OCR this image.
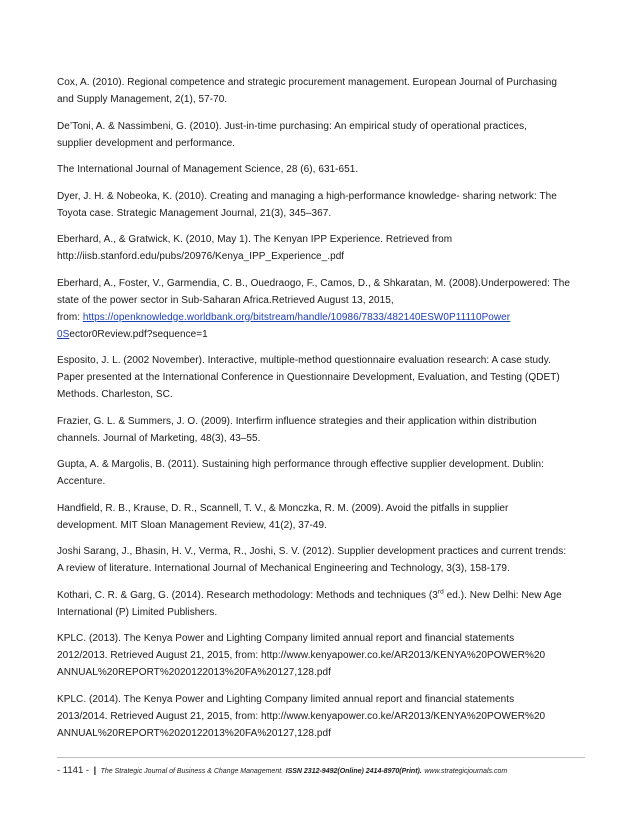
Cox, A. (2010). Regional competence and strategic procurement management. European Journal of Purchasing
and Supply Management, 2(1), 57-70.

De’Toni, A. & Nassimbeni, G. (2010). Just-in-time purchasing: An empirical study of operational practices,
supplier development and performance.

The International Journal of Management Science, 28 (6), 631-651.

Dyer, J. H. & Nobeoka, K. (2010). Creating and managing a high-performance knowledge- sharing network: The
Toyota case. Strategic Management Journal, 21(3), 345–367.

Eberhard, A., & Gratwick, K. (2010, May 1). The Kenyan IPP Experience. Retrieved from
http://iisb.stanford.edu/pubs/20976/Kenya_IPP_Experience_.pdf

Eberhard, A., Foster, V., Garmendia, C. B., Ouedraogo, F., Camos, D., & Shkaratan, M. (2008).Underpowered: The
state of the power sector in Sub-Saharan Africa.Retrieved August 13, 2015,
from: https://openknowledge.worldbank.org/bitstream/handle/10986/7833/482140ESW0P11110Power
0Sector0Review.pdf?sequence=1

Esposito, J. L. (2002 November). Interactive, multiple-method questionnaire evaluation research: A case study.
Paper presented at the International Conference in Questionnaire Development, Evaluation, and Testing (QDET)
Methods. Charleston, SC.

Frazier, G. L. & Summers, J. O. (2009). Interfirm influence strategies and their application within distribution
channels. Journal of Marketing, 48(3), 43–55.

Gupta, A. & Margolis, B. (2011). Sustaining high performance through effective supplier development. Dublin:
Accenture.

Handfield, R. B., Krause, D. R., Scannell, T. V., & Monczka, R. M. (2009). Avoid the pitfalls in supplier
development. MIT Sloan Management Review, 41(2), 37-49.

Joshi Sarang, J., Bhasin, H. V., Verma, R., Joshi, S. V. (2012). Supplier development practices and current trends:
A review of literature. International Journal of Mechanical Engineering and Technology, 3(3), 158-179.

Kothari, C. R. & Garg, G. (2014). Research methodology: Methods and techniques (3rd ed.). New Delhi: New Age
International (P) Limited Publishers.

KPLC. (2013). The Kenya Power and Lighting Company limited annual report and financial statements
2012/2013. Retrieved August 21, 2015, from: http://www.kenyapower.co.ke/AR2013/KENYA%20POWER%20
ANNUAL%20REPORT%2020122013%20FA%20127,128.pdf

KPLC. (2014). The Kenya Power and Lighting Company limited annual report and financial statements
2013/2014. Retrieved August 21, 2015, from: http://www.kenyapower.co.ke/AR2013/KENYA%20POWER%20
ANNUAL%20REPORT%2020122013%20FA%20127,128.pdf

- 1141 - | The Strategic Journal of Business & Change Management. ISSN 2312-9492(Online) 2414-8970(Print). www.strategicjournals.com
